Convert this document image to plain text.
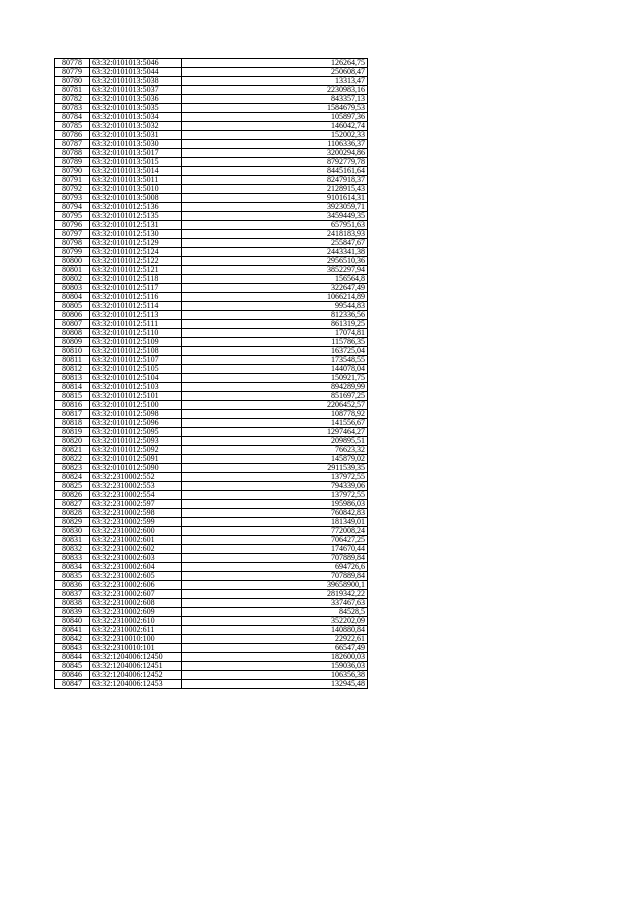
80778	63:32:0101013:5046	126264,75
80779	63:32:0101013:5044	250608,47
80780	63:32:0101013:5038	13313,47
80781	63:32:0101013:5037	2230983,16
80782	63:32:0101013:5036	843357,13
80783	63:32:0101013:5035	1584679,53
80784	63:32:0101013:5034	105897,36
80785	63:32:0101013:5032	146042,74
80786	63:32:0101013:5031	152002,33
80787	63:32:0101013:5030	1106336,37
80788	63:32:0101013:5017	3200294,86
80789	63:32:0101013:5015	8792779,78
80790	63:32:0101013:5014	8445161,64
80791	63:32:0101013:5011	8247918,37
80792	63:32:0101013:5010	2128915,43
80793	63:32:0101013:5008	9101614,31
80794	63:32:0101012:5136	3923059,71
80795	63:32:0101012:5135	3459449,35
80796	63:32:0101012:5131	657951,63
80797	63:32:0101012:5130	2418183,93
80798	63:32:0101012:5129	255847,67
80799	63:32:0101012:5124	2443341,38
80800	63:32:0101012:5122	2956510,36
80801	63:32:0101012:5121	3852297,94
80802	63:32:0101012:5118	156564,8
80803	63:32:0101012:5117	322647,49
80804	63:32:0101012:5116	1066214,89
80805	63:32:0101012:5114	99544,83
80806	63:32:0101012:5113	812336,56
80807	63:32:0101012:5111	861319,25
80808	63:32:0101012:5110	17074,81
80809	63:32:0101012:5109	115786,35
80810	63:32:0101012:5108	163725,04
80811	63:32:0101012:5107	173548,55
80812	63:32:0101012:5105	144078,04
80813	63:32:0101012:5104	150921,75
80814	63:32:0101012:5103	894289,99
80815	63:32:0101012:5101	851697,25
80816	63:32:0101012:5100	2206452,57
80817	63:32:0101012:5098	108778,92
80818	63:32:0101012:5096	141556,67
80819	63:32:0101012:5095	1297464,27
80820	63:32:0101012:5093	209895,51
80821	63:32:0101012:5092	76623,32
80822	63:32:0101012:5091	145879,02
80823	63:32:0101012:5090	2911539,35
80824	63:32:2310002:552	137972,55
80825	63:32:2310002:553	794339,06
80826	63:32:2310002:554	137972,55
80827	63:32:2310002:597	195986,03
80828	63:32:2310002:598	760842,83
80829	63:32:2310002:599	181349,01
80830	63:32:2310002:600	772008,24
80831	63:32:2310002:601	706427,25
80832	63:32:2310002:602	174670,44
80833	63:32:2310002:603	707889,84
80834	63:32:2310002:604	694726,6
80835	63:32:2310002:605	707889,84
80836	63:32:2310002:606	39658900,1
80837	63:32:2310002:607	2819342,22
80838	63:32:2310002:608	337467,63
80839	63:32:2310002:609	84528,5
80840	63:32:2310002:610	352202,09
80841	63:32:2310002:611	140880,84
80842	63:32:2310010:100	22922,61
80843	63:32:2310010:101	66547,49
80844	63:32:1204006:12450	182600,03
80845	63:32:1204006:12451	159036,03
80846	63:32:1204006:12452	106356,38
80847	63:32:1204006:12453	132945,48
